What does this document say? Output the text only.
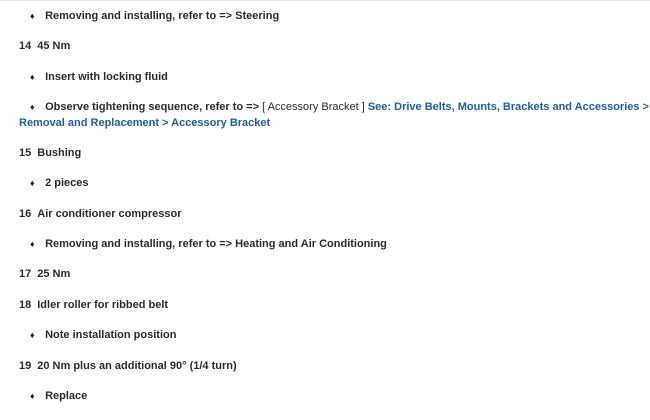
♦ Removing and installing, refer to => Steering
14 45 Nm
♦ Insert with locking fluid
♦ Observe tightening sequence, refer to => [ Accessory Bracket ] See: Drive Belts, Mounts, Brackets and Accessories >
Removal and Replacement > Accessory Bracket
15 Bushing
♦ 2 pieces
16 Air conditioner compressor
♦ Removing and installing, refer to => Heating and Air Conditioning
17 25 Nm
18 Idler roller for ribbed belt
♦ Note installation position
19 20 Nm plus an additional 90° (1/4 turn)
♦ Replace
